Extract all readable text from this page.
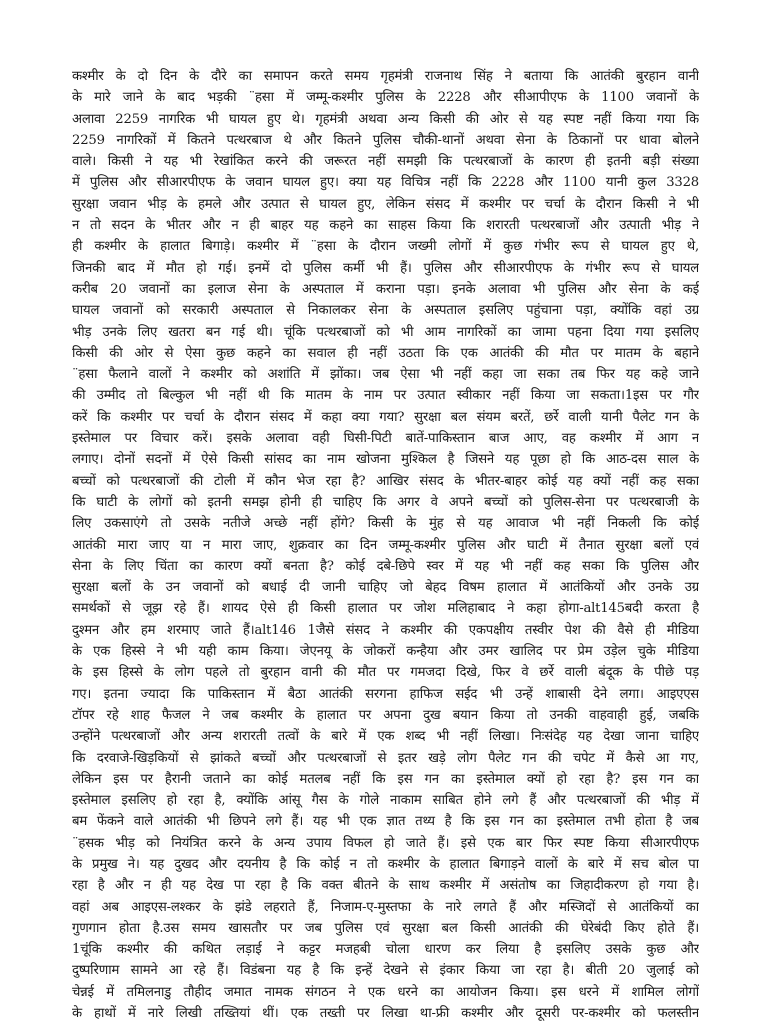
कश्मीर के दो दिन के दौरे का समापन करते समय गृहमंत्री राजनाथ सिंह ने बताया कि आतंकी बुरहान वानी
के मारे जाने के बाद भड़की ¨हसा में जम्मू-कश्मीर पुलिस के 2228 और सीआपीएफ के 1100 जवानों के
अलावा 2259 नागरिक भी घायल हुए थे। गृहमंत्री अथवा अन्य किसी की ओर से यह स्पष्ट नहीं किया गया कि
2259 नागरिकों में कितने पत्थरबाज थे और कितने पुलिस चौकी-थानों अथवा सेना के ठिकानों पर धावा बोलने
वाले। किसी ने यह भी रेखांकित करने की जरूरत नहीं समझी कि पत्थरबाजों के कारण ही इतनी बड़ी संख्या
में पुलिस और सीआरपीएफ के जवान घायल हुए। क्या यह विचित्र नहीं कि 2228 और 1100 यानी कुल 3328
सुरक्षा जवान भीड़ के हमले और उत्पात से घायल हुए, लेकिन संसद में कश्मीर पर चर्चा के दौरान किसी ने भी
न तो सदन के भीतर और न ही बाहर यह कहने का साहस किया कि शरारती पत्थरबाजों और उत्पाती भीड़ ने
ही कश्मीर के हालात बिगाड़े। कश्मीर में ¨हसा के दौरान जख्मी लोगों में कुछ गंभीर रूप से घायल हुए थे,
जिनकी बाद में मौत हो गई। इनमें दो पुलिस कर्मी भी हैं। पुलिस और सीआरपीएफ के गंभीर रूप से घायल
करीब 20 जवानों का इलाज सेना के अस्पताल में कराना पड़ा। इनके अलावा भी पुलिस और सेना के कई
घायल जवानों को सरकारी अस्पताल से निकालकर सेना के अस्पताल इसलिए पहुंचाना पड़ा, क्योंकि वहां उग्र
भीड़ उनके लिए खतरा बन गई थी। चूंकि पत्थरबाजों को भी आम नागरिकों का जामा पहना दिया गया इसलिए
किसी की ओर से ऐसा कुछ कहने का सवाल ही नहीं उठता कि एक आतंकी की मौत पर मातम के बहाने
¨हसा फैलाने वालों ने कश्मीर को अशांति में झोंका। जब ऐसा भी नहीं कहा जा सका तब फिर यह कहे जाने
की उम्मीद तो बिल्कुल भी नहीं थी कि मातम के नाम पर उत्पात स्वीकार नहीं किया जा सकता।1इस पर गौर
करें कि कश्मीर पर चर्चा के दौरान संसद में कहा क्या गया? सुरक्षा बल संयम बरतें, छर्रे वाली यानी पैलेट गन के
इस्तेमाल पर विचार करें। इसके अलावा वही घिसी-पिटी बातें-पाकिस्तान बाज आए, वह कश्मीर में आग न
लगाए। दोनों सदनों में ऐसे किसी सांसद का नाम खोजना मुश्किल है जिसने यह पूछा हो कि आठ-दस साल के
बच्चों को पत्थरबाजों की टोली में कौन भेज रहा है? आखिर संसद के भीतर-बाहर कोई यह क्यों नहीं कह सका
कि घाटी के लोगों को इतनी समझ होनी ही चाहिए कि अगर वे अपने बच्चों को पुलिस-सेना पर पत्थरबाजी के
लिए उकसाएंगे तो उसके नतीजे अच्छे नहीं होंगे? किसी के मुंह से यह आवाज भी नहीं निकली कि कोई
आतंकी मारा जाए या न मारा जाए, शुक्रवार का दिन जम्मू-कश्मीर पुलिस और घाटी में तैनात सुरक्षा बलों एवं
सेना के लिए चिंता का कारण क्यों बनता है? कोई दबे-छिपे स्वर में यह भी नहीं कह सका कि पुलिस और
सुरक्षा बलों के उन जवानों को बधाई दी जानी चाहिए जो बेहद विषम हालात में आतंकियों और उनके उग्र
समर्थकों से जूझ रहे हैं। शायद ऐसे ही किसी हालात पर जोश मलिहाबाद ने कहा होगा-alt145बदी करता है
दुश्मन और हम शरमाए जाते हैं।alt146 1जैसे संसद ने कश्मीर की एकपक्षीय तस्वीर पेश की वैसे ही मीडिया
के एक हिस्से ने भी यही काम किया। जेएनयू के जोकरों कन्हैया और उमर खालिद पर प्रेम उड़ेल चुके मीडिया
के इस हिस्से के लोग पहले तो बुरहान वानी की मौत पर गमजदा दिखे, फिर वे छर्रे वाली बंदूक के पीछे पड़
गए। इतना ज्यादा कि पाकिस्तान में बैठा आतंकी सरगना हाफिज सईद भी उन्हें शाबासी देने लगा। आइएएस
टॉपर रहे शाह फैजल ने जब कश्मीर के हालात पर अपना दुख बयान किया तो उनकी वाहवाही हुई, जबकि
उन्होंने पत्थरबाजों और अन्य शरारती तत्वों के बारे में एक शब्द भी नहीं लिखा। निःसंदेह यह देखा जाना चाहिए
कि दरवाजे-खिड़कियों से झांकते बच्चों और पत्थरबाजों से इतर खड़े लोग पैलेट गन की चपेट में कैसे आ गए,
लेकिन इस पर हैरानी जताने का कोई मतलब नहीं कि इस गन का इस्तेमाल क्यों हो रहा है? इस गन का
इस्तेमाल इसलिए हो रहा है, क्योंकि आंसू गैस के गोले नाकाम साबित होने लगे हैं और पत्थरबाजों की भीड़ में
बम फेंकने वाले आतंकी भी छिपने लगे हैं। यह भी एक ज्ञात तथ्य है कि इस गन का इस्तेमाल तभी होता है जब
¨हसक भीड़ को नियंत्रित करने के अन्य उपाय विफल हो जाते हैं। इसे एक बार फिर स्पष्ट किया सीआरपीएफ
के प्रमुख ने। यह दुखद और दयनीय है कि कोई न तो कश्मीर के हालात बिगाड़ने वालों के बारे में सच बोल पा
रहा है और न ही यह देख पा रहा है कि वक्त बीतने के साथ कश्मीर में असंतोष का जिहादीकरण हो गया है।
वहां अब आइएस-लश्कर के झंडे लहराते हैं, निजाम-ए-मुस्तफा के नारे लगते हैं और मस्जिदों से आतंकियों का
गुणगान होता है.उस समय खासतौर पर जब पुलिस एवं सुरक्षा बल किसी आतंकी की घेरेबंदी किए होते हैं।
1चूंकि कश्मीर की कथित लड़ाई ने कट्टर मजहबी चोला धारण कर लिया है इसलिए उसके कुछ और
दुष्परिणाम सामने आ रहे हैं। विडंबना यह है कि इन्हें देखने से इंकार किया जा रहा है। बीती 20 जुलाई को
चेन्नई में तमिलनाडु तौहीद जमात नामक संगठन ने एक धरने का आयोजन किया। इस धरने में शामिल लोगों
के हाथों में नारे लिखी तख्तियां थीं। एक तख्ती पर लिखा था-फ्री कश्मीर और दूसरी पर-कश्मीर को फलस्तीन
